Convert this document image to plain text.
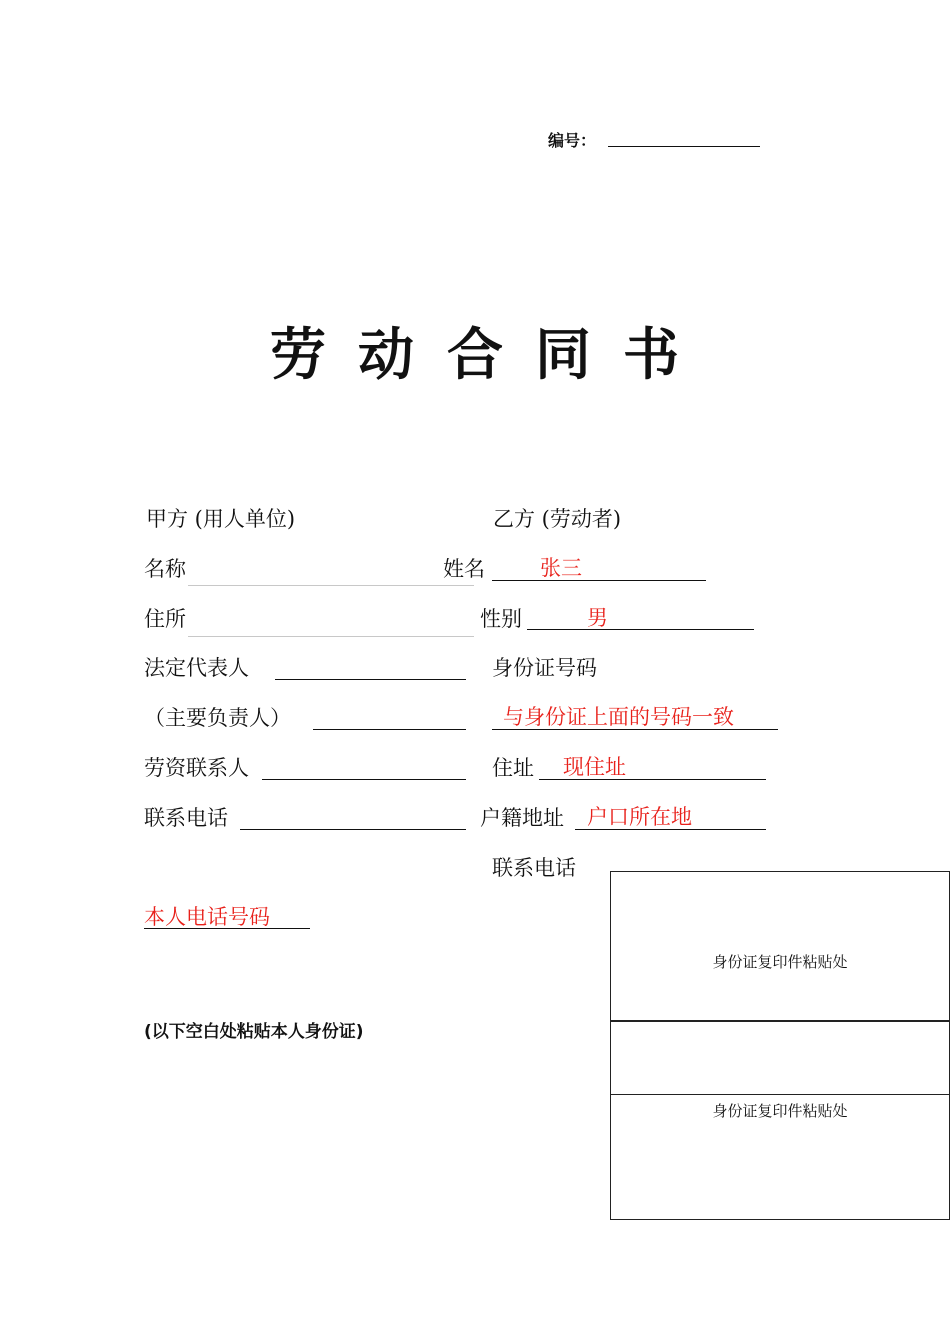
编号：
劳 动 合 同 书
甲方 (用人单位)	乙方 (劳动者)
名称	姓名	张三
住所	性别	男
法定代表人	身份证号码
（主要负责人）	与身份证上面的号码一致
劳资联系人	住址 现住址
联系电话	户籍地址 户口所在地
联系电话
本人电话号码
(以下空白处粘贴本人身份证)
身份证复印件粘贴处
身份证复印件粘贴处
